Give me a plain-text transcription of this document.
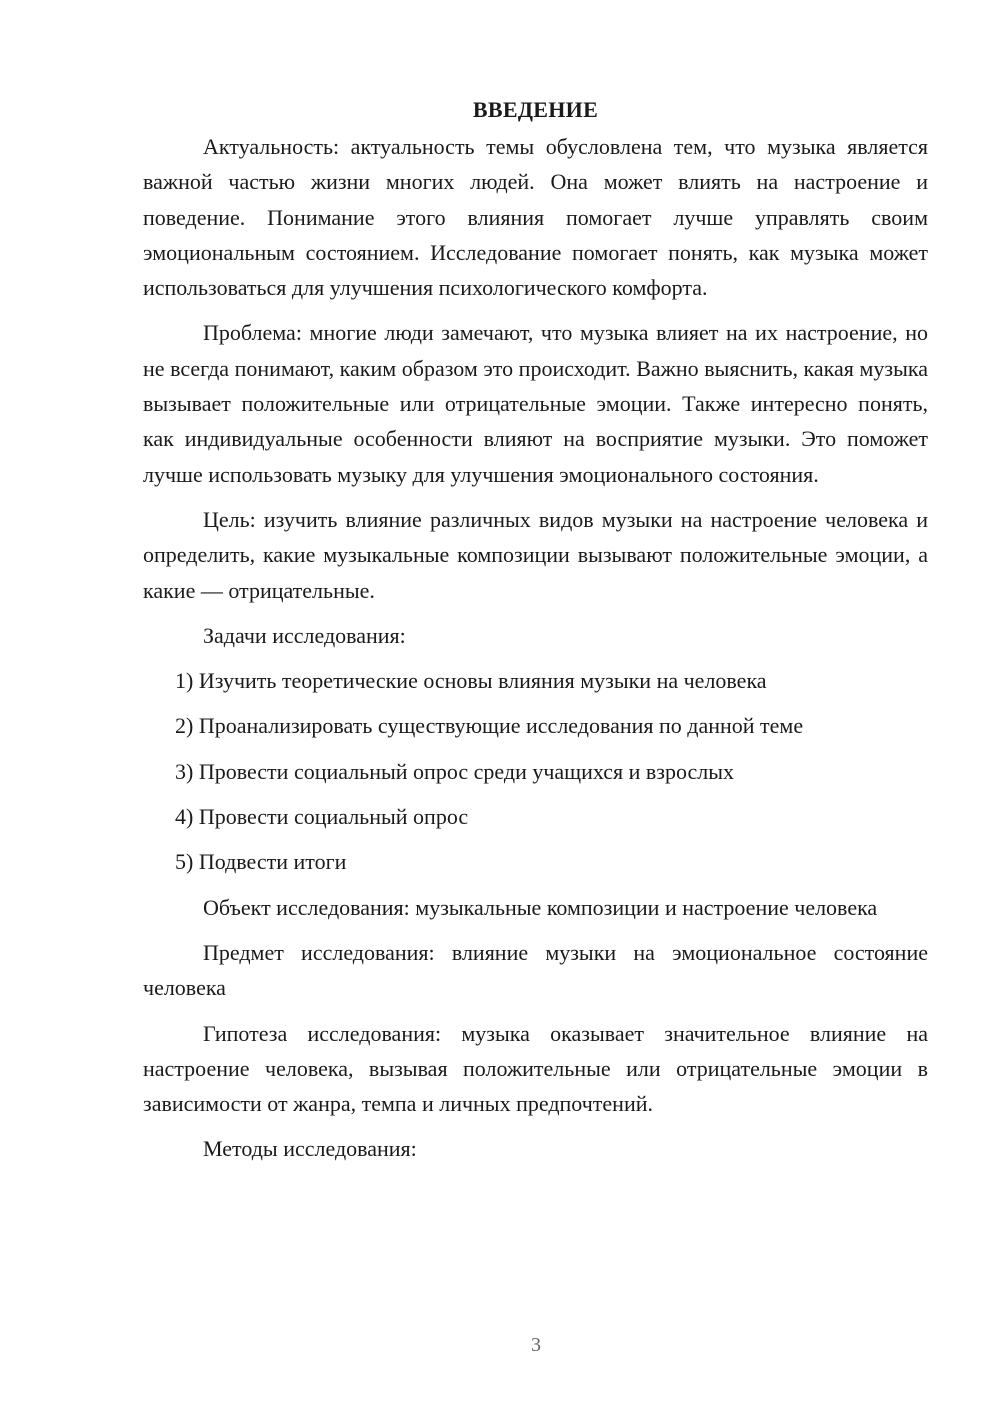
ВВЕДЕНИЕ

Актуальность: актуальность темы обусловлена тем, что музыка является важной частью жизни многих людей. Она может влиять на настроение и поведение. Понимание этого влияния помогает лучше управлять своим эмоциональным состоянием. Исследование помогает понять, как музыка может использоваться для улучшения психологического комфорта.

Проблема: многие люди замечают, что музыка влияет на их настроение, но не всегда понимают, каким образом это происходит. Важно выяснить, какая музыка вызывает положительные или отрицательные эмоции. Также интересно понять, как индивидуальные особенности влияют на восприятие музыки. Это поможет лучше использовать музыку для улучшения эмоционального состояния.

Цель: изучить влияние различных видов музыки на настроение человека и определить, какие музыкальные композиции вызывают положительные эмоции, а какие — отрицательные.

Задачи исследования:

1) Изучить теоретические основы влияния музыки на человека

2) Проанализировать существующие исследования по данной теме

3) Провести социальный опрос среди учащихся и взрослых

4) Провести социальный опрос

5) Подвести итоги

Объект исследования: музыкальные композиции и настроение человека

Предмет исследования: влияние музыки на эмоциональное состояние человека

Гипотеза исследования: музыка оказывает значительное влияние на настроение человека, вызывая положительные или отрицательные эмоции в зависимости от жанра, темпа и личных предпочтений.

Методы исследования:

3
